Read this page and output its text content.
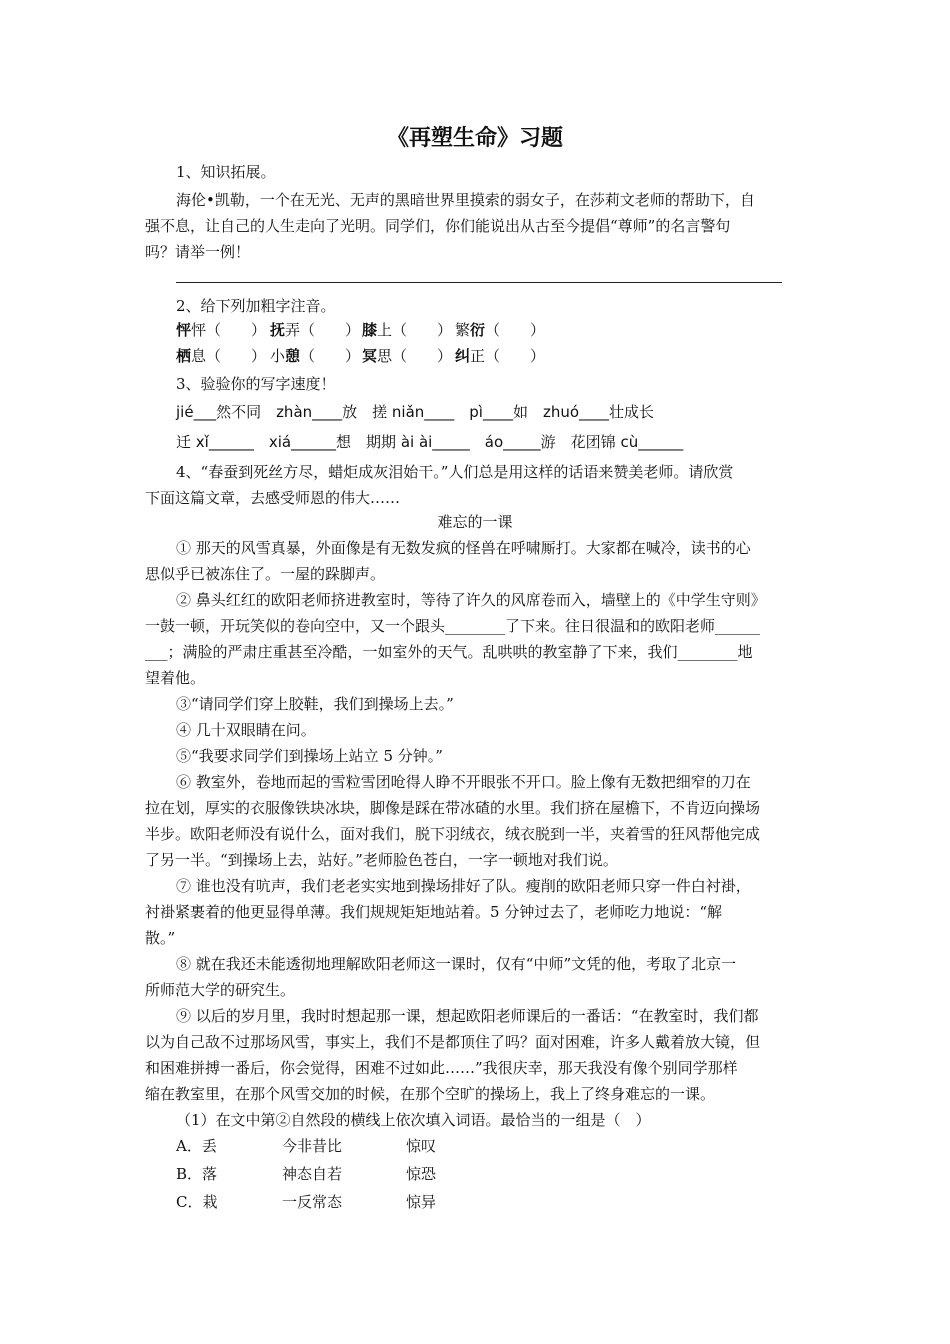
《再塑生命》习题
1、知识拓展。
海伦•凯勒，一个在无光、无声的黑暗世界里摸索的弱女子，在莎莉文老师的帮助下，自
强不息，让自己的人生走向了光明。同学们，你们能说出从古至今提倡“尊师”的名言警句
吗？请举一例！
2、给下列加粗字注音。
怦怦（　　） 抚弄（　　） 膝上（　　） 繁衍（　　）
栖息（　　） 小憩（　　） 冥思（　　） 纠正（　　）
3、验验你的写字速度！
jié___然不同　zhàn____放　搓 niǎn____　pì____如　zhuó____壮成长
迁 xǐ______　xiá______想　期期 ài ài_____　áo_____游　花团锦 cù______
4、“春蚕到死丝方尽，蜡炬成灰泪始干。”人们总是用这样的话语来赞美老师。请欣赏
下面这篇文章，去感受师恩的伟大……
难忘的一课
① 那天的风雪真暴，外面像是有无数发疯的怪兽在呼啸厮打。大家都在喊冷，读书的心
思似乎已被冻住了。一屋的跺脚声。
② 鼻头红红的欧阳老师挤进教室时，等待了许久的风席卷而入，墙壁上的《中学生守则》
一鼓一顿，开玩笑似的卷向空中，又一个跟头________了下来。往日很温和的欧阳老师______
___；满脸的严肃庄重甚至冷酷，一如室外的天气。乱哄哄的教室静了下来，我们________地
望着他。
③“请同学们穿上胶鞋，我们到操场上去。”
④ 几十双眼睛在问。
⑤“我要求同学们到操场上站立 5 分钟。”
⑥ 教室外，卷地而起的雪粒雪团呛得人睁不开眼张不开口。脸上像有无数把细窄的刀在
拉在划，厚实的衣服像铁块冰块，脚像是踩在带冰碴的水里。我们挤在屋檐下，不肯迈向操场
半步。欧阳老师没有说什么，面对我们，脱下羽绒衣，绒衣脱到一半，夹着雪的狂风帮他完成
了另一半。“到操场上去，站好。”老师脸色苍白，一字一顿地对我们说。
⑦ 谁也没有吭声，我们老老实实地到操场排好了队。瘦削的欧阳老师只穿一件白衬褂，
衬褂紧裹着的他更显得单薄。我们规规矩矩地站着。5 分钟过去了，老师吃力地说：“解
散。”
⑧ 就在我还未能透彻地理解欧阳老师这一课时，仅有“中师”文凭的他，考取了北京一
所师范大学的研究生。
⑨ 以后的岁月里，我时时想起那一课，想起欧阳老师课后的一番话：“在教室时，我们都
以为自己敌不过那场风雪，事实上，我们不是都顶住了吗？面对困难，许多人戴着放大镜，但
和困难拼搏一番后，你会觉得，困难不过如此……”我很庆幸，那天我没有像个别同学那样
缩在教室里，在那个风雪交加的时候，在那个空旷的操场上，我上了终身难忘的一课。
（1）在文中第②自然段的横线上依次填入词语。最恰当的一组是（　）
A．丢	今非昔比	惊叹
B．落	神态自若	惊恐
C．栽	一反常态	惊异
